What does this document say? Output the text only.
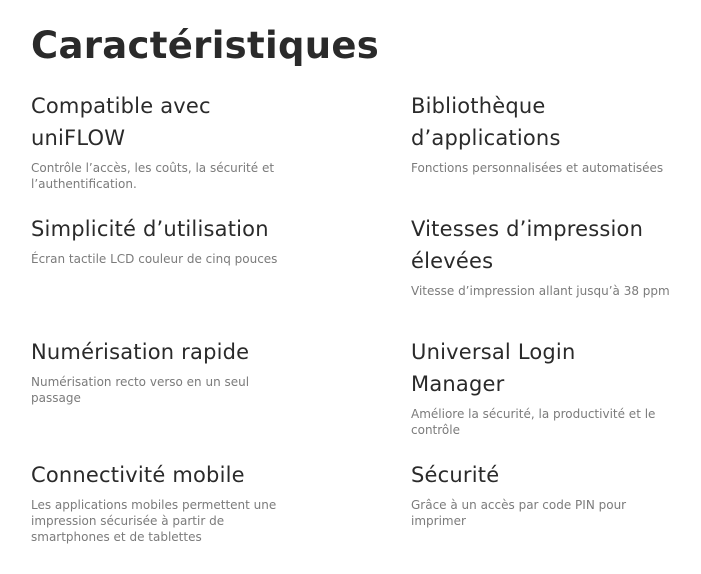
Caractéristiques
Compatible avec uniFLOW

Contrôle l’accès, les coûts, la sécurité et l’authentification.

Bibliothèque d’applications

Fonctions personnalisées et automatisées

Simplicité d’utilisation

Écran tactile LCD couleur de cinq pouces

Vitesses d’impression élevées

Vitesse d’impression allant jusqu’à 38 ppm

Numérisation rapide

Numérisation recto verso en un seul passage

Universal Login Manager

Améliore la sécurité, la productivité et le contrôle

Connectivité mobile

Les applications mobiles permettent une impression sécurisée à partir de smartphones et de tablettes

Sécurité

Grâce à un accès par code PIN pour imprimer
